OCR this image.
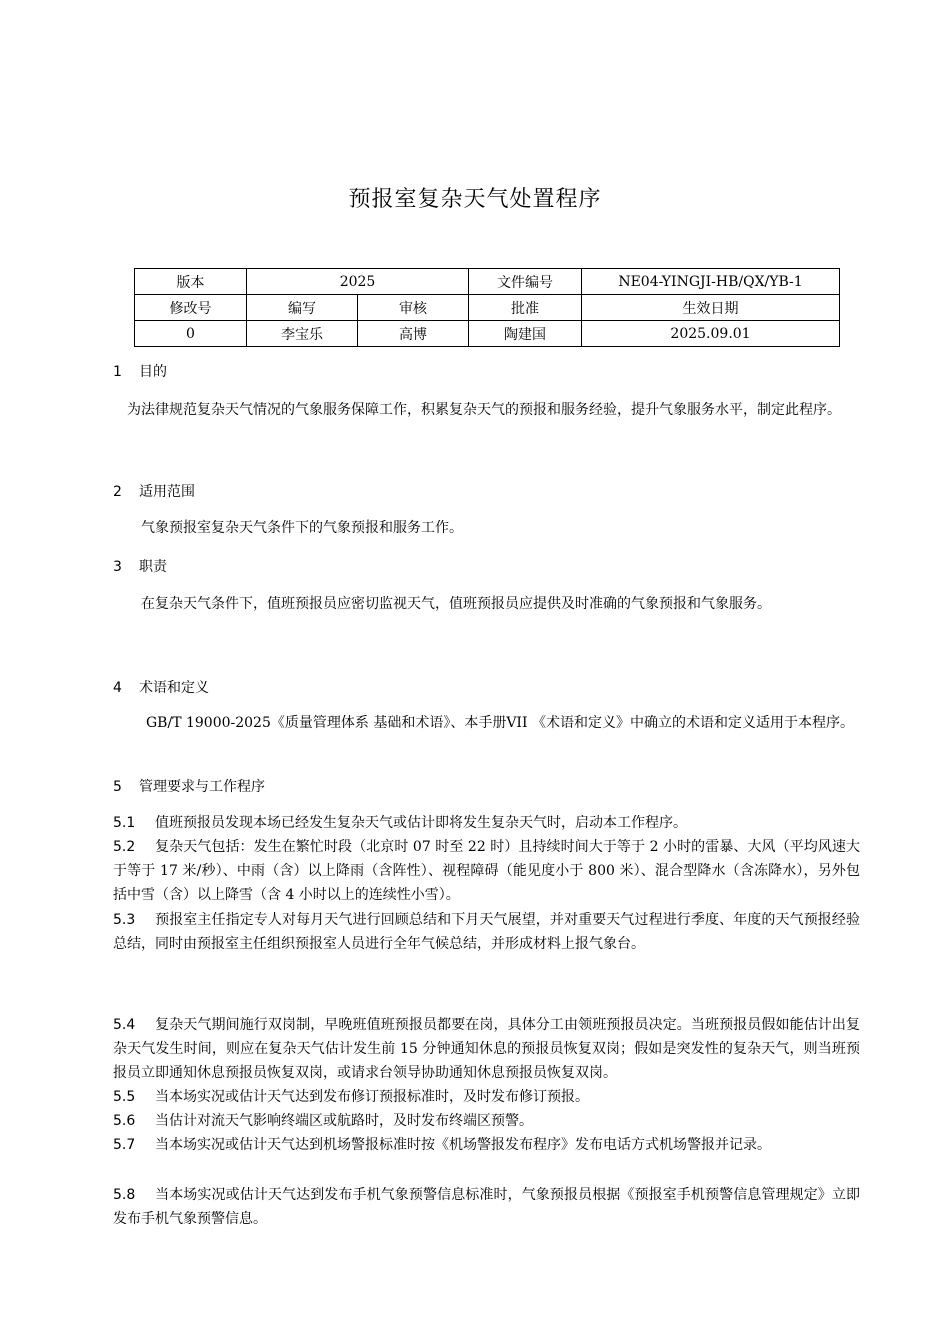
预报室复杂天气处置程序
版本	2025		文件编号	NE04-YINGJI-HB/QX/YB-1
修改号	编写	审核	批准	生效日期
0	李宝乐	高博	陶建国	2025.09.01
1 目的
为法律规范复杂天气情况的气象服务保障工作，积累复杂天气的预报和服务经验，提升气象服务水平，制定此程序。
2 适用范围
气象预报室复杂天气条件下的气象预报和服务工作。
3 职责
在复杂天气条件下，值班预报员应密切监视天气，值班预报员应提供及时准确的气象预报和气象服务。
4 术语和定义
GB/T 19000-2025《质量管理体系 基础和术语》、本手册VII 《术语和定义》中确立的术语和定义适用于本程序。
5 管理要求与工作程序
5.1 值班预报员发现本场已经发生复杂天气或估计即将发生复杂天气时，启动本工作程序。
5.2 复杂天气包括：发生在繁忙时段（北京时 07 时至 22 时）且持续时间大于等于 2 小时的雷暴、大风（平均风速大于等于 17 米/秒）、中雨（含）以上降雨（含阵性）、视程障碍（能见度小于 800 米）、混合型降水（含冻降水），另外包括中雪（含）以上降雪（含 4 小时以上的连续性小雪）。
5.3 预报室主任指定专人对每月天气进行回顾总结和下月天气展望，并对重要天气过程进行季度、年度的天气预报经验总结，同时由预报室主任组织预报室人员进行全年气候总结，并形成材料上报气象台。
5.4 复杂天气期间施行双岗制，早晚班值班预报员都要在岗，具体分工由领班预报员决定。当班预报员假如能估计出复杂天气发生时间，则应在复杂天气估计发生前 15 分钟通知休息的预报员恢复双岗；假如是突发性的复杂天气，则当班预报员立即通知休息预报员恢复双岗，或请求台领导协助通知休息预报员恢复双岗。
5.5 当本场实况或估计天气达到发布修订预报标准时，及时发布修订预报。
5.6 当估计对流天气影响终端区或航路时，及时发布终端区预警。
5.7 当本场实况或估计天气达到机场警报标准时按《机场警报发布程序》发布电话方式机场警报并记录。
5.8 当本场实况或估计天气达到发布手机气象预警信息标准时，气象预报员根据《预报室手机预警信息管理规定》立即发布手机气象预警信息。
